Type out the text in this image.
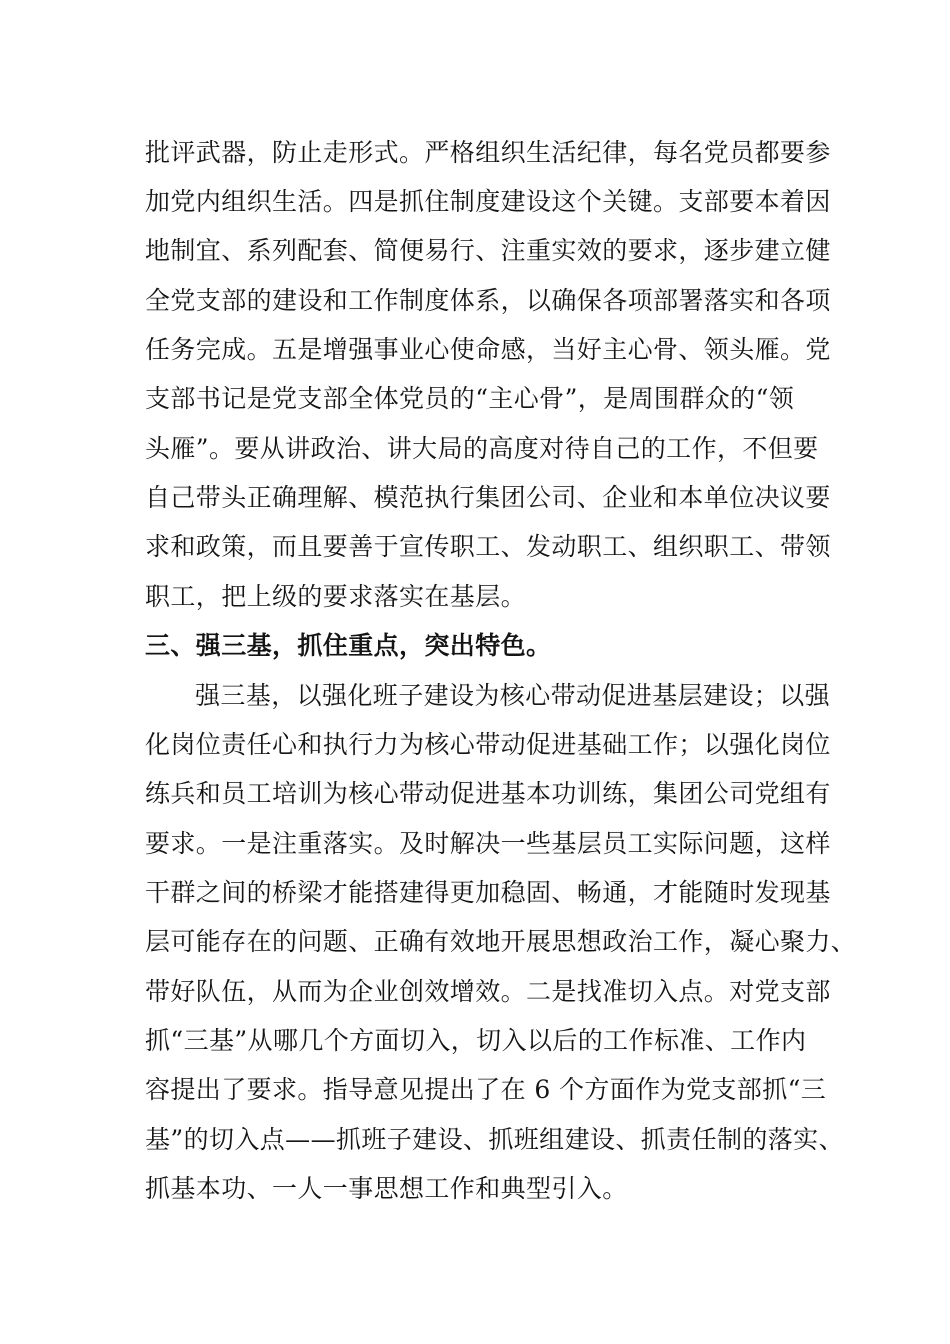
批评武器，防止走形式。严格组织生活纪律，每名党员都要参
加党内组织生活。四是抓住制度建设这个关键。支部要本着因
地制宜、系列配套、简便易行、注重实效的要求，逐步建立健
全党支部的建设和工作制度体系，以确保各项部署落实和各项
任务完成。五是增强事业心使命感，当好主心骨、领头雁。党
支部书记是党支部全体党员的“主心骨”，是周围群众的“领
头雁”。要从讲政治、讲大局的高度对待自己的工作，不但要
自己带头正确理解、模范执行集团公司、企业和本单位决议要
求和政策，而且要善于宣传职工、发动职工、组织职工、带领
职工，把上级的要求落实在基层。
三、强三基，抓住重点，突出特色。
强三基，以强化班子建设为核心带动促进基层建设；以强
化岗位责任心和执行力为核心带动促进基础工作；以强化岗位
练兵和员工培训为核心带动促进基本功训练，集团公司党组有
要求。一是注重落实。及时解决一些基层员工实际问题，这样
干群之间的桥梁才能搭建得更加稳固、畅通，才能随时发现基
层可能存在的问题、正确有效地开展思想政治工作，凝心聚力、
带好队伍，从而为企业创效增效。二是找准切入点。对党支部
抓“三基”从哪几个方面切入，切入以后的工作标准、工作内
容提出了要求。指导意见提出了在 6 个方面作为党支部抓“三
基”的切入点——抓班子建设、抓班组建设、抓责任制的落实、
抓基本功、一人一事思想工作和典型引入。
